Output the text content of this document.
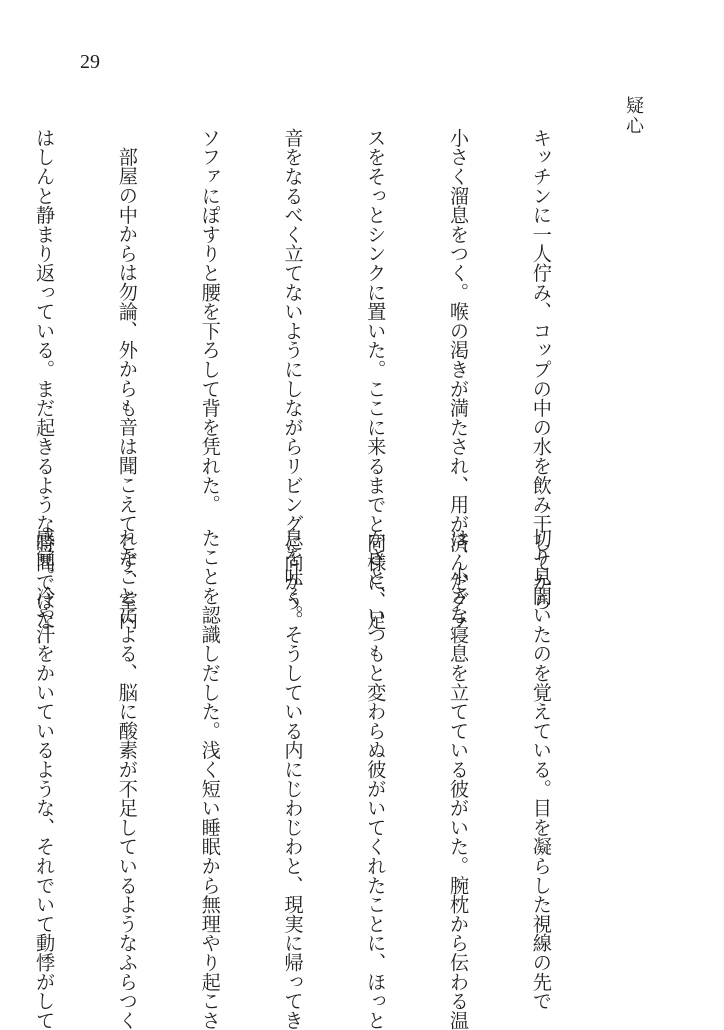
29
疑心

キッチンに一人佇み、コップの中の水を飲み干してから

小さく溜息をつく。喉の渇きが満たされ、用が済んだグラ

スをそっとシンクに置いた。ここに来るまでと同様に、足

音をなるべく立てないようにしながらリビングに向かう。

ソファにぽすりと腰を下ろして背を凭れた。

部屋の中からは勿論、外からも音は聞こえてこず、室内

はしんと静まり返っている。まだ起きるような時間ではな

切り見開いたのを覚えている。目を凝らした視線の先で

は、小さな寝息を立てている彼がいた。腕枕から伝わる温

かさと、いつもと変わらぬ彼がいてくれたことに、ほっと

息を吐く。そうしている内にじわじわと、現実に帰ってき

たことを認識しだした。浅く短い睡眠から無理やり起こさ

れたことによる、脳に酸素が不足しているようなふらつく

感覚。冷や汗をかいているような、それでいて動悸がして
